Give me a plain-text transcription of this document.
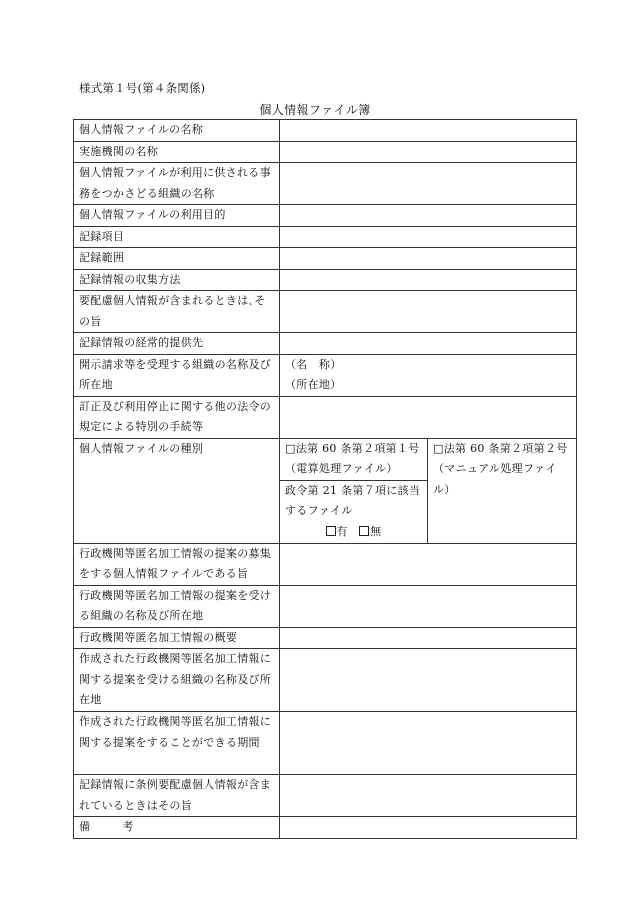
様式第１号(第４条関係)
個人情報ファイル簿
個人情報ファイルの名称		
実施機関の名称		
個人情報ファイルが利用に供される事務をつかさどる組織の名称		
個人情報ファイルの利用目的		
記録項目		
記録範囲		
記録情報の収集方法		
要配慮個人情報が含まれるときは､その旨		
記録情報の経常的提供先		
開示請求等を受理する組織の名称及び所在地	（名　称）
（所在地）	

訂正及び利用停止に関する他の法令の規定による特別の手続等		
個人情報ファイルの種別	□法第 60 条第２項第１号（電算処理ファイル）	□法第 60 条第２項第２号（マニュアル処理ファイル）
	政令第 21 条第７項に該当するファイル
有　 無	

行政機関等匿名加工情報の提案の募集をする個人情報ファイルである旨		
行政機関等匿名加工情報の提案を受ける組織の名称及び所在地		
行政機関等匿名加工情報の概要		
作成された行政機関等匿名加工情報に関する提案を受ける組織の名称及び所在地		
作成された行政機関等匿名加工情報に関する提案をすることができる期間		
記録情報に条例要配慮個人情報が含まれているときはその旨		
備 考		
